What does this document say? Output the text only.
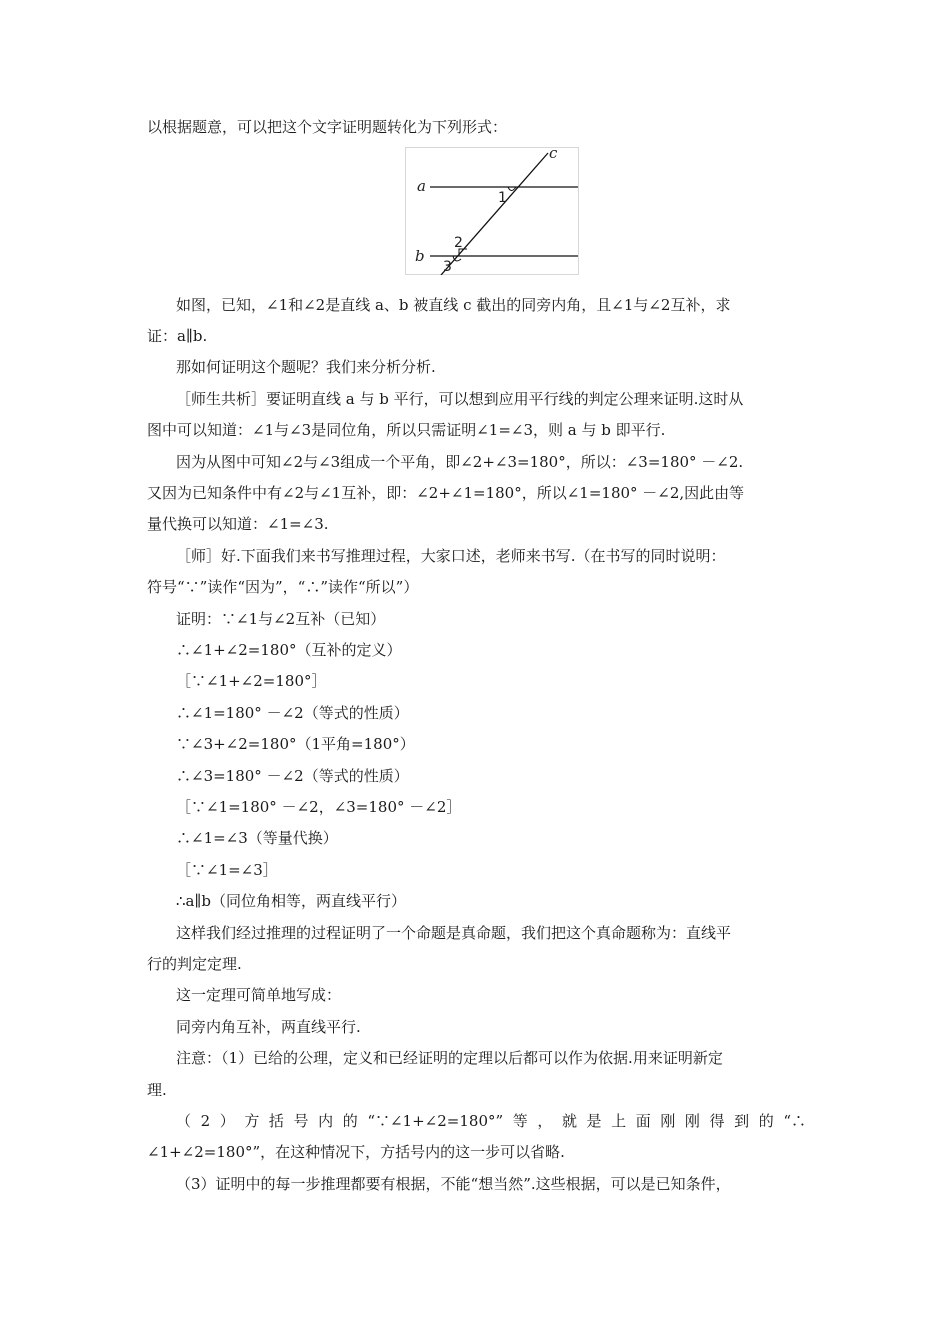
以根据题意，可以把这个文字证明题转化为下列形式：
a
b
c
1
2
3
如图，已知，∠1和∠2是直线 a、b 被直线 c 截出的同旁内角，且∠1与∠2互补，求
证：a∥b.
那如何证明这个题呢？我们来分析分析.
［师生共析］要证明直线 a 与 b 平行，可以想到应用平行线的判定公理来证明.这时从
图中可以知道：∠1与∠3是同位角，所以只需证明∠1=∠3，则 a 与 b 即平行.
因为从图中可知∠2与∠3组成一个平角，即∠2+∠3=180°，所以：∠3=180° －∠2.
又因为已知条件中有∠2与∠1互补，即：∠2+∠1=180°，所以∠1=180° －∠2,因此由等
量代换可以知道：∠1=∠3.
［师］好.下面我们来书写推理过程，大家口述，老师来书写.（在书写的同时说明：
符号“∵”读作“因为”，“∴”读作“所以”）
证明：∵∠1与∠2互补（已知）
∴∠1+∠2=180°（互补的定义）
［∵∠1+∠2=180°］
∴∠1=180° －∠2（等式的性质）
∵∠3+∠2=180°（1平角=180°）
∴∠3=180° －∠2（等式的性质）
［∵∠1=180° －∠2，∠3=180° －∠2］
∴∠1=∠3（等量代换）
［∵∠1=∠3］
∴a∥b（同位角相等，两直线平行）
这样我们经过推理的过程证明了一个命题是真命题，我们把这个真命题称为：直线平
行的判定定理.
这一定理可简单地写成：
同旁内角互补，两直线平行.
注意：（1）已给的公理，定义和已经证明的定理以后都可以作为依据.用来证明新定
理.
（2）方括号内的“∵∠1+∠2=180°”等，就是上面刚刚得到的“∴
∠1+∠2=180°”，在这种情况下，方括号内的这一步可以省略.
（3）证明中的每一步推理都要有根据，不能“想当然”.这些根据，可以是已知条件，
